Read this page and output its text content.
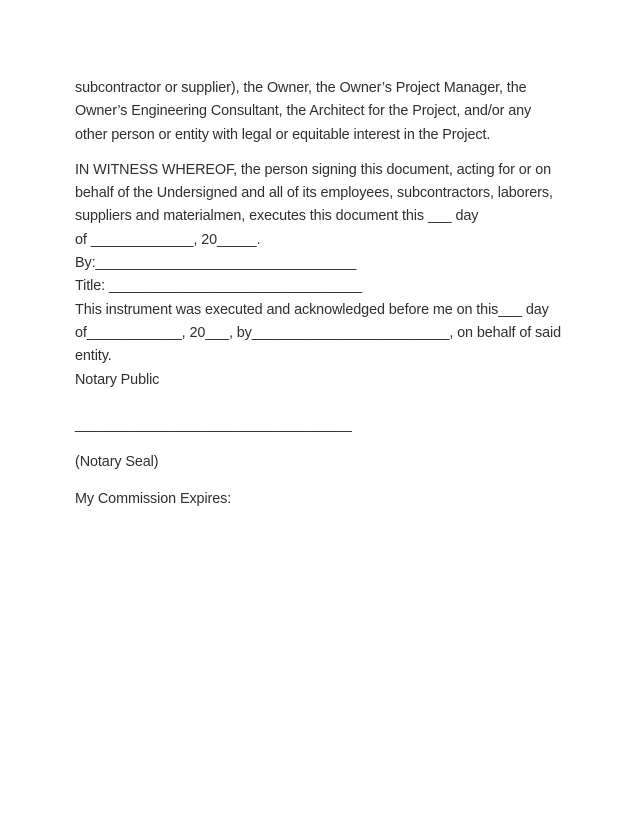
subcontractor or supplier), the Owner, the Owner’s Project Manager, the
Owner’s Engineering Consultant, the Architect for the Project, and/or any
other person or entity with legal or equitable interest in the Project.
IN WITNESS WHEREOF, the person signing this document, acting for or on
behalf of the Undersigned and all of its employees, subcontractors, laborers,
suppliers and materialmen, executes this document this ___ day
of _____________, 20_____.
By:_________________________________
Title: ________________________________
This instrument was executed and acknowledged before me on this___ day
of____________, 20___, by_________________________, on behalf of said
entity.
Notary Public
___________________________________
(Notary Seal)
My Commission Expires:
